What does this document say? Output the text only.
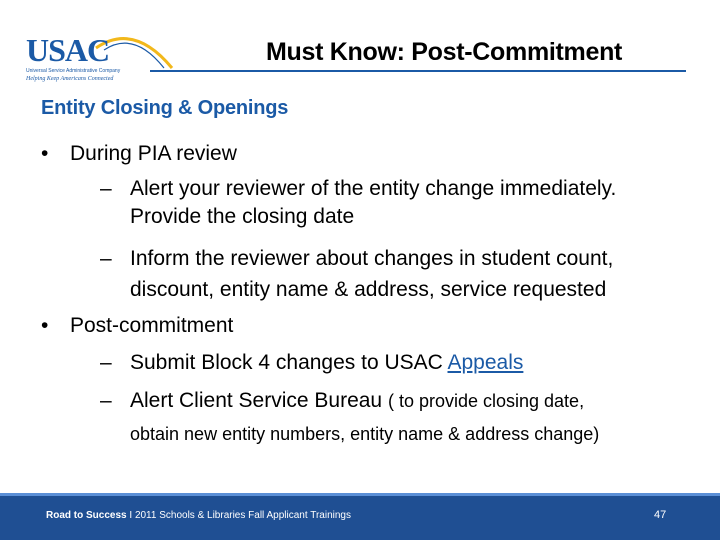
USAC
Universal Service Administrative Company
Helping Keep Americans Connected
Must Know: Post-Commitment
Entity Closing & Openings
• During PIA review
– Alert your reviewer of the entity change immediately.
Provide the closing date
– Inform the reviewer about changes in student count,
discount, entity name & address, service requested
• Post-commitment
– Submit Block 4 changes to USAC Appeals
– Alert Client Service Bureau ( to provide closing date,
obtain new entity numbers, entity name & address change)
Road to Success I 2011 Schools & Libraries Fall Applicant Trainings	47
